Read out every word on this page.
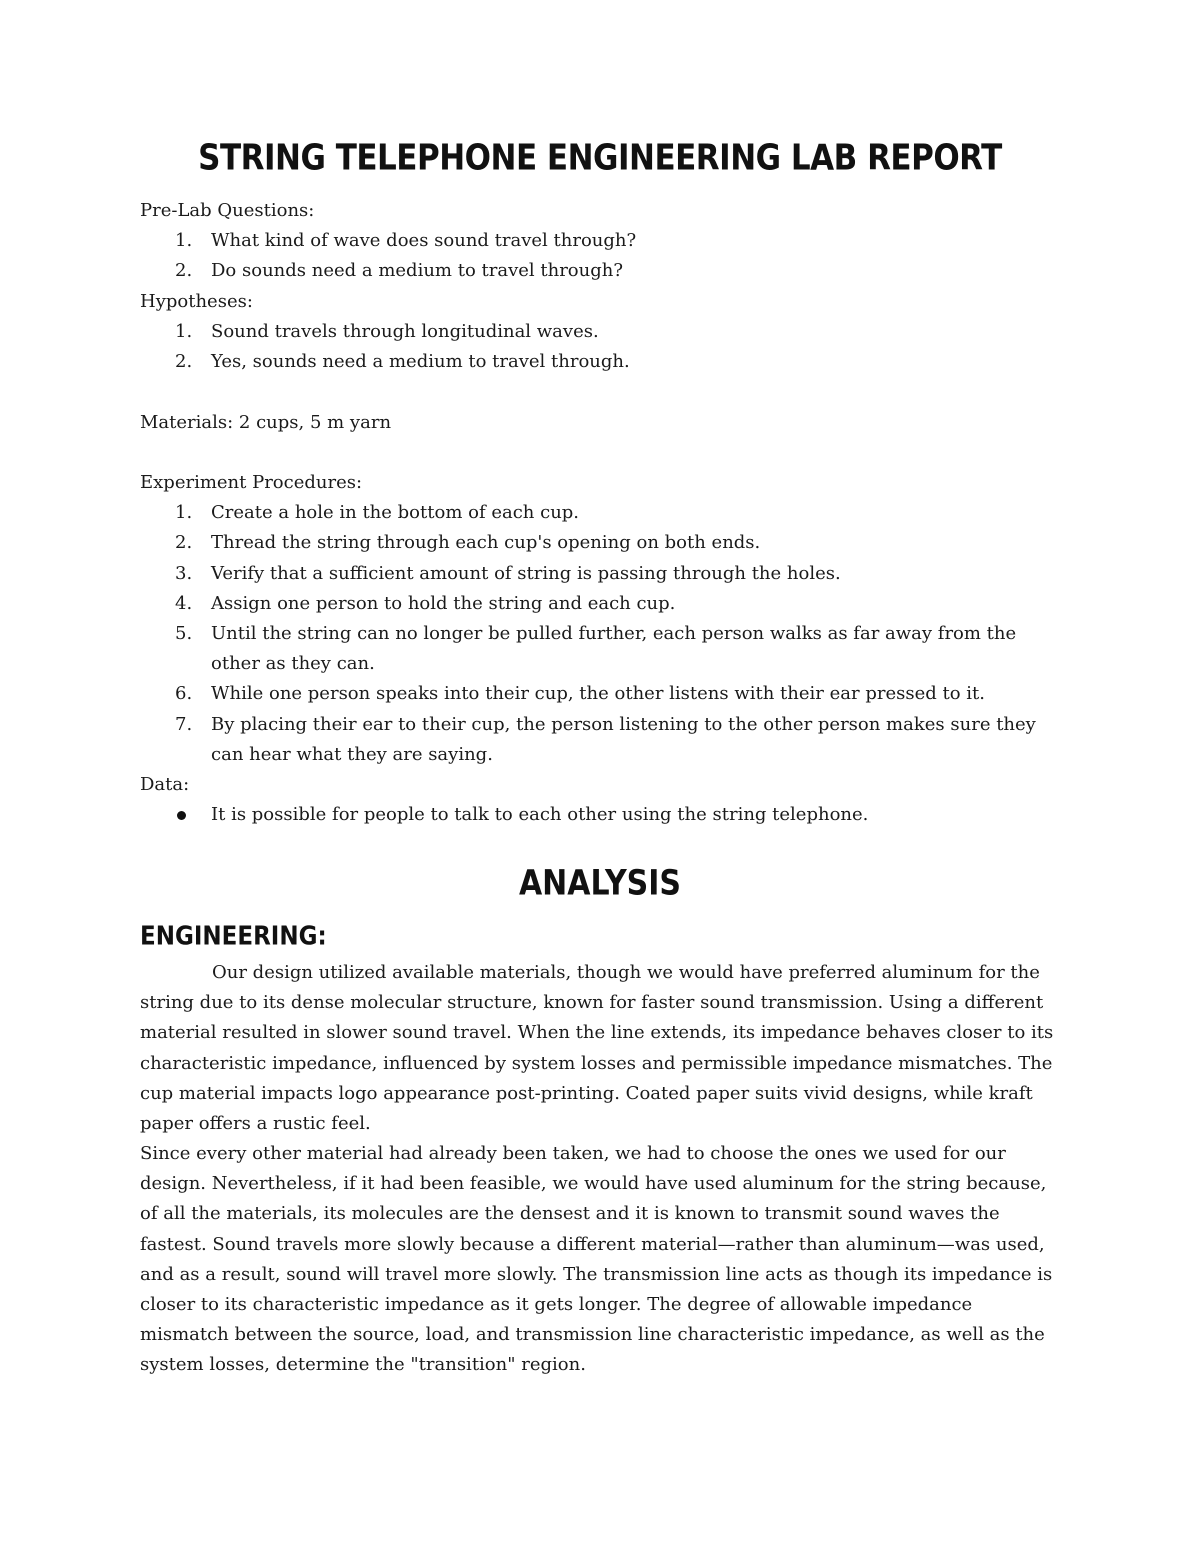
STRING TELEPHONE ENGINEERING LAB REPORT
Pre-Lab Questions:
1. What kind of wave does sound travel through?
2. Do sounds need a medium to travel through?
Hypotheses:
1. Sound travels through longitudinal waves.
2. Yes, sounds need a medium to travel through.
Materials: 2 cups, 5 m yarn
Experiment Procedures:
1. Create a hole in the bottom of each cup.
2. Thread the string through each cup's opening on both ends.
3. Verify that a sufficient amount of string is passing through the holes.
4. Assign one person to hold the string and each cup.
5. Until the string can no longer be pulled further, each person walks as far away from the other as they can.
6. While one person speaks into their cup, the other listens with their ear pressed to it.
7. By placing their ear to their cup, the person listening to the other person makes sure they can hear what they are saying.
Data:
It is possible for people to talk to each other using the string telephone.
ANALYSIS
ENGINEERING:
Our design utilized available materials, though we would have preferred aluminum for the string due to its dense molecular structure, known for faster sound transmission. Using a different material resulted in slower sound travel. When the line extends, its impedance behaves closer to its characteristic impedance, influenced by system losses and permissible impedance mismatches. The cup material impacts logo appearance post-printing. Coated paper suits vivid designs, while kraft paper offers a rustic feel.
Since every other material had already been taken, we had to choose the ones we used for our design. Nevertheless, if it had been feasible, we would have used aluminum for the string because, of all the materials, its molecules are the densest and it is known to transmit sound waves the fastest. Sound travels more slowly because a different material—rather than aluminum—was used, and as a result, sound will travel more slowly. The transmission line acts as though its impedance is closer to its characteristic impedance as it gets longer. The degree of allowable impedance mismatch between the source, load, and transmission line characteristic impedance, as well as the system losses, determine the "transition" region.
